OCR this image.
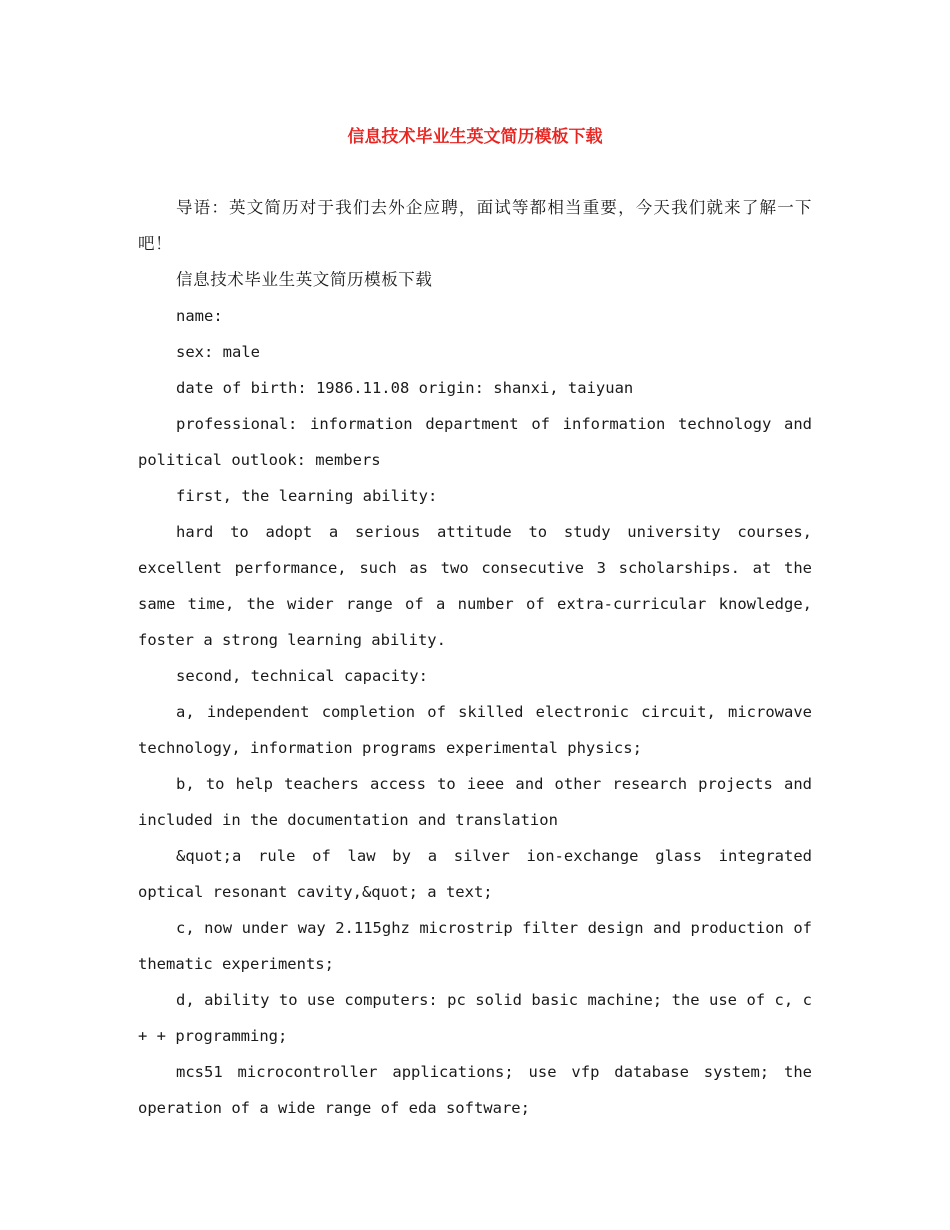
信息技术毕业生英文简历模板下载

导语：英文简历对于我们去外企应聘，面试等都相当重要，今天我们就来了解一下吧！

信息技术毕业生英文简历模板下载

name:

sex: male

date of birth: 1986.11.08 origin: shanxi, taiyuan

professional: information department of information technology and political outlook: members

first, the learning ability:

hard to adopt a serious attitude to study university courses, excellent performance, such as two consecutive 3 scholarships. at the same time, the wider range of a number of extra-curricular knowledge, foster a strong learning ability.

second, technical capacity:

a, independent completion of skilled electronic circuit, microwave technology, information programs experimental physics;

b, to help teachers access to ieee and other research projects and included in the documentation and translation

&quot;a rule of law by a silver ion-exchange glass integrated optical resonant cavity,&quot; a text;

c, now under way 2.115ghz microstrip filter design and production of thematic experiments;

d, ability to use computers: pc solid basic machine; the use of c, c + + programming;

mcs51 microcontroller applications; use vfp database system; the operation of a wide range of eda software;
